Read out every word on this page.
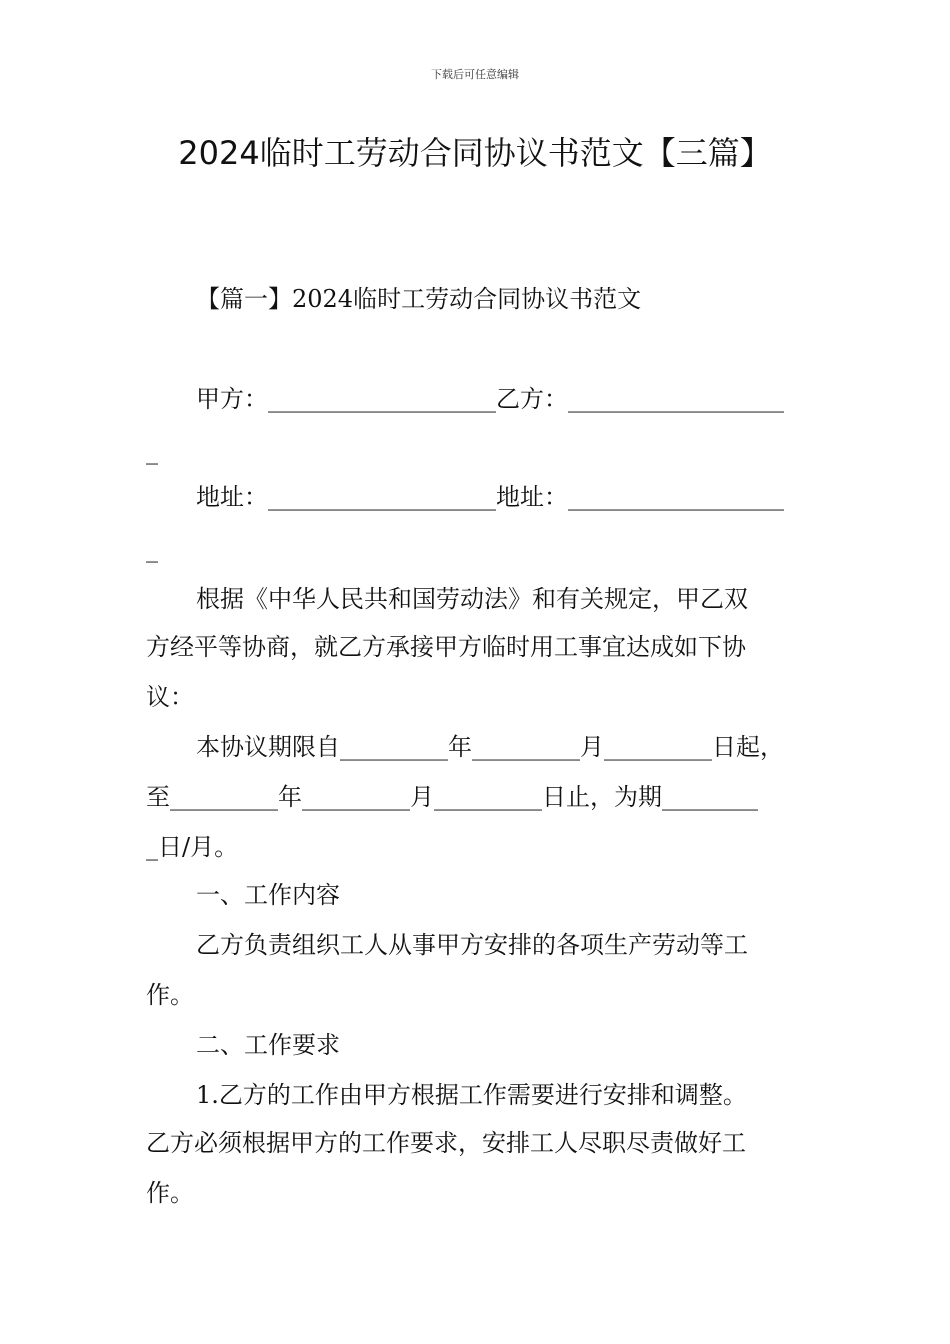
下载后可任意编辑
2024临时工劳动合同协议书范文【三篇】
【篇一】2024临时工劳动合同协议书范文
甲方：___________________乙方：__________________
_
地址：___________________地址：__________________
_
根据《中华人民共和国劳动法》和有关规定，甲乙双
方经平等协商，就乙方承接甲方临时用工事宜达成如下协
议：
本协议期限自_________年_________月_________日起，
至_________年_________月_________日止，为期________
_日/月。
一、工作内容
乙方负责组织工人从事甲方安排的各项生产劳动等工
作。
二、工作要求
1.乙方的工作由甲方根据工作需要进行安排和调整。
乙方必须根据甲方的工作要求，安排工人尽职尽责做好工
作。
